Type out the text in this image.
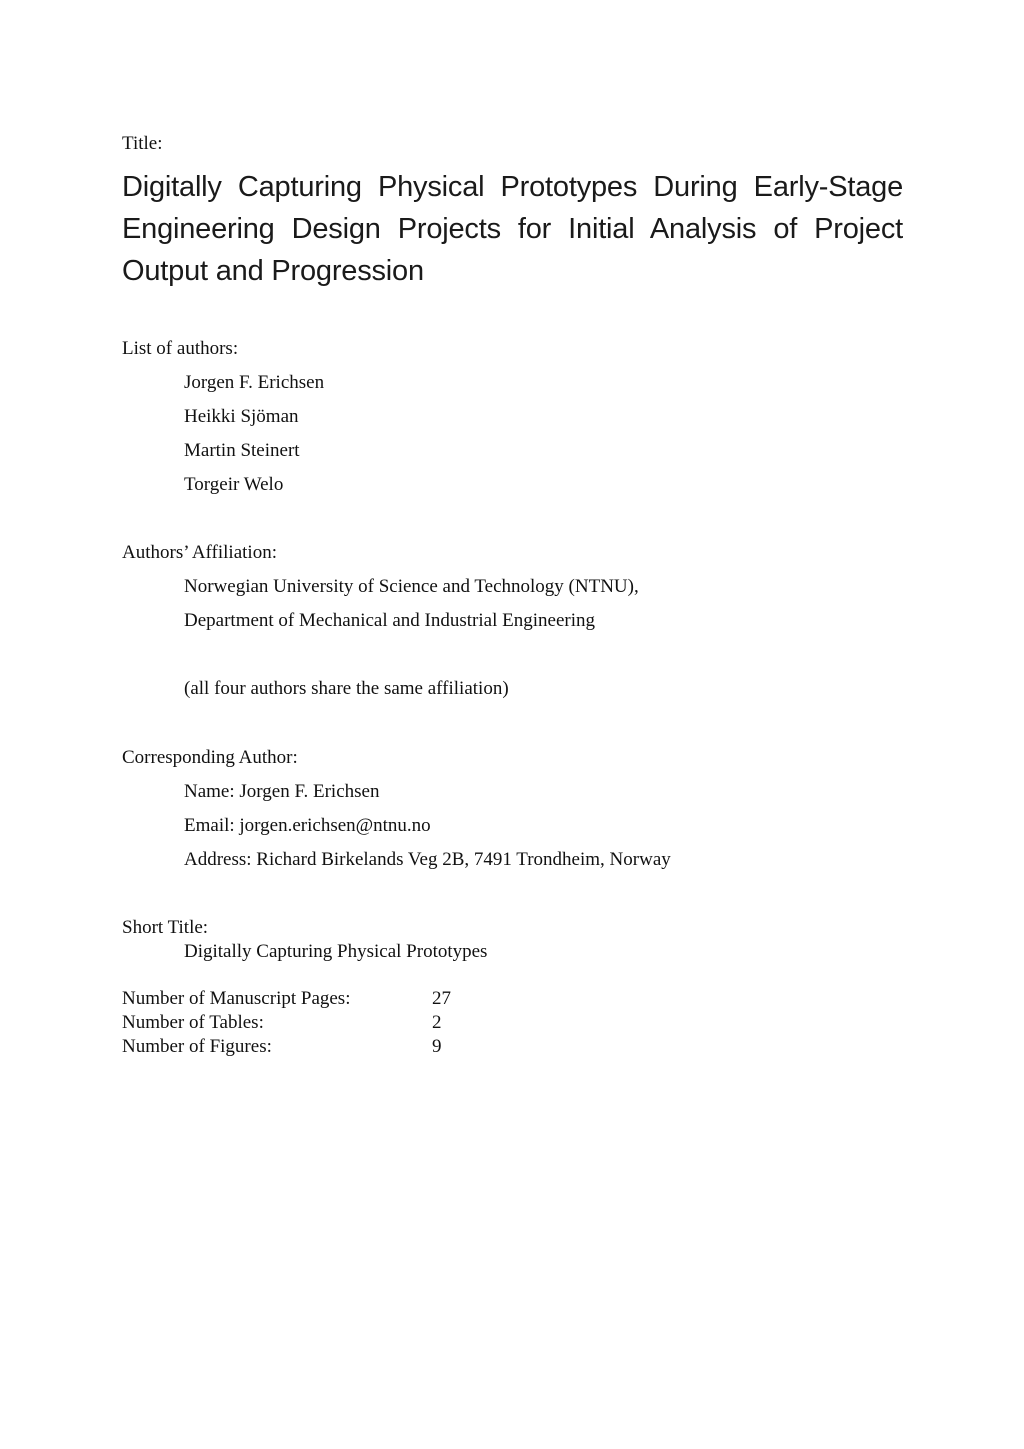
Title:
Digitally Capturing Physical Prototypes During Early-Stage Engineering Design Projects for Initial Analysis of Project Output and Progression
List of authors:
Jorgen F. Erichsen
Heikki Sjöman
Martin Steinert
Torgeir Welo
Authors’ Affiliation:
Norwegian University of Science and Technology (NTNU),
Department of Mechanical and Industrial Engineering
(all four authors share the same affiliation)
Corresponding Author:
Name: Jorgen F. Erichsen
Email: jorgen.erichsen@ntnu.no
Address: Richard Birkelands Veg 2B, 7491 Trondheim, Norway
Short Title:
Digitally Capturing Physical Prototypes
Number of Manuscript Pages:	27
Number of Tables:	2
Number of Figures:	9
